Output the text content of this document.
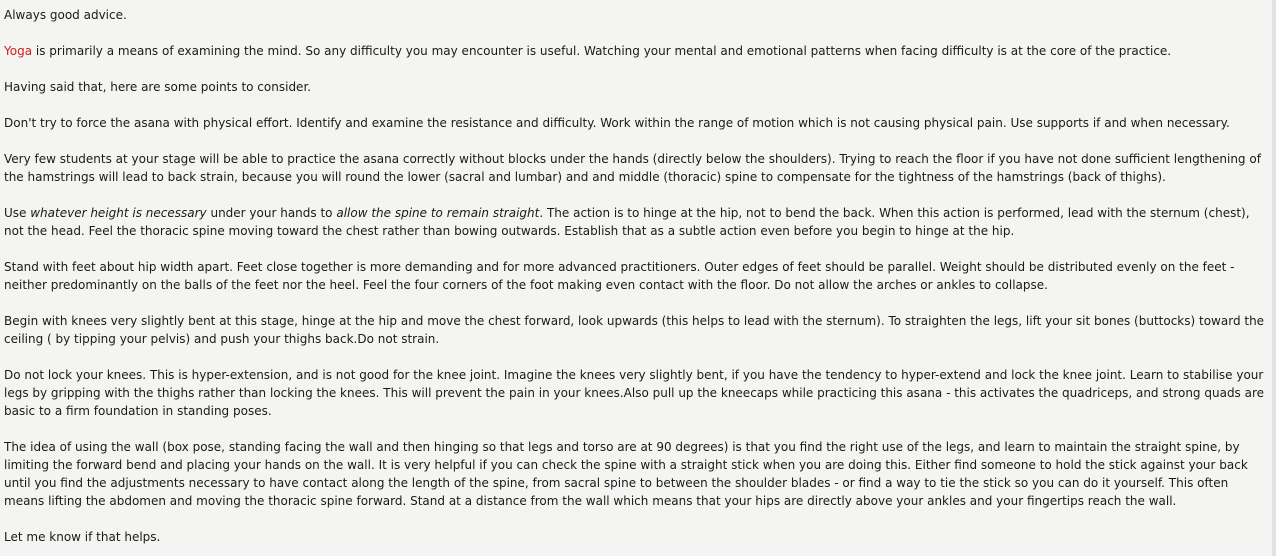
Always good advice.

Yoga is primarily a means of examining the mind. So any difficulty you may encounter is useful. Watching your mental and emotional patterns when facing difficulty is at the core of the practice.

Having said that, here are some points to consider.

Don't try to force the asana with physical effort. Identify and examine the resistance and difficulty. Work within the range of motion which is not causing physical pain. Use supports if and when necessary.

Very few students at your stage will be able to practice the asana correctly without blocks under the hands (directly below the shoulders). Trying to reach the floor if you have not done sufficient lengthening of the hamstrings will lead to back strain, because you will round the lower (sacral and lumbar) and and middle (thoracic) spine to compensate for the tightness of the hamstrings (back of thighs).

Use whatever height is necessary under your hands to allow the spine to remain straight. The action is to hinge at the hip, not to bend the back. When this action is performed, lead with the sternum (chest), not the head. Feel the thoracic spine moving toward the chest rather than bowing outwards. Establish that as a subtle action even before you begin to hinge at the hip.

Stand with feet about hip width apart. Feet close together is more demanding and for more advanced practitioners. Outer edges of feet should be parallel. Weight should be distributed evenly on the feet - neither predominantly on the balls of the feet nor the heel. Feel the four corners of the foot making even contact with the floor. Do not allow the arches or ankles to collapse.

Begin with knees very slightly bent at this stage, hinge at the hip and move the chest forward, look upwards (this helps to lead with the sternum). To straighten the legs, lift your sit bones (buttocks) toward the ceiling ( by tipping your pelvis) and push your thighs back.Do not strain.

Do not lock your knees. This is hyper-extension, and is not good for the knee joint. Imagine the knees very slightly bent, if you have the tendency to hyper-extend and lock the knee joint. Learn to stabilise your legs by gripping with the thighs rather than locking the knees. This will prevent the pain in your knees.Also pull up the kneecaps while practicing this asana - this activates the quadriceps, and strong quads are basic to a firm foundation in standing poses.

The idea of using the wall (box pose, standing facing the wall and then hinging so that legs and torso are at 90 degrees) is that you find the right use of the legs, and learn to maintain the straight spine, by limiting the forward bend and placing your hands on the wall. It is very helpful if you can check the spine with a straight stick when you are doing this. Either find someone to hold the stick against your back until you find the adjustments necessary to have contact along the length of the spine, from sacral spine to between the shoulder blades - or find a way to tie the stick so you can do it yourself. This often means lifting the abdomen and moving the thoracic spine forward. Stand at a distance from the wall which means that your hips are directly above your ankles and your fingertips reach the wall.

Let me know if that helps.
